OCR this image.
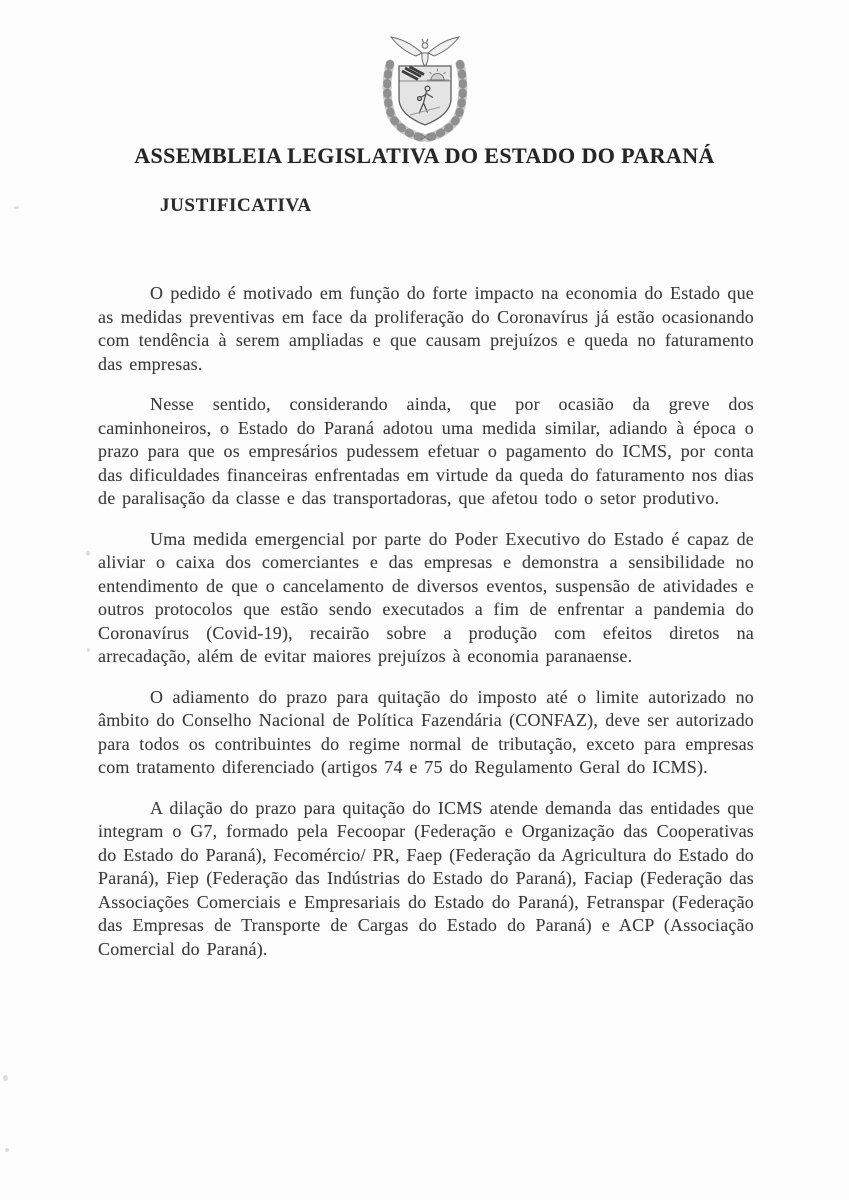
ASSEMBLEIA LEGISLATIVA DO ESTADO DO PARANÁ
JUSTIFICATIVA

O pedido é motivado em função do forte impacto na economia do Estado que as medidas preventivas em face da proliferação do Coronavírus já estão ocasionando com tendência à serem ampliadas e que causam prejuízos e queda no faturamento das empresas.

Nesse sentido, considerando ainda, que por ocasião da greve dos caminhoneiros, o Estado do Paraná adotou uma medida similar, adiando à época o prazo para que os empresários pudessem efetuar o pagamento do ICMS, por conta das dificuldades financeiras enfrentadas em virtude da queda do faturamento nos dias de paralisação da classe e das transportadoras, que afetou todo o setor produtivo.

Uma medida emergencial por parte do Poder Executivo do Estado é capaz de aliviar o caixa dos comerciantes e das empresas e demonstra a sensibilidade no entendimento de que o cancelamento de diversos eventos, suspensão de atividades e outros protocolos que estão sendo executados a fim de enfrentar a pandemia do Coronavírus (Covid-19), recairão sobre a produção com efeitos diretos na arrecadação, além de evitar maiores prejuízos à economia paranaense.

O adiamento do prazo para quitação do imposto até o limite autorizado no âmbito do Conselho Nacional de Política Fazendária (CONFAZ), deve ser autorizado para todos os contribuintes do regime normal de tributação, exceto para empresas com tratamento diferenciado (artigos 74 e 75 do Regulamento Geral do ICMS).

A dilação do prazo para quitação do ICMS atende demanda das entidades que integram o G7, formado pela Fecoopar (Federação e Organização das Cooperativas do Estado do Paraná), Fecomércio/ PR, Faep (Federação da Agricultura do Estado do Paraná), Fiep (Federação das Indústrias do Estado do Paraná), Faciap (Federação das Associações Comerciais e Empresariais do Estado do Paraná), Fetranspar (Federação das Empresas de Transporte de Cargas do Estado do Paraná) e ACP (Associação Comercial do Paraná).
